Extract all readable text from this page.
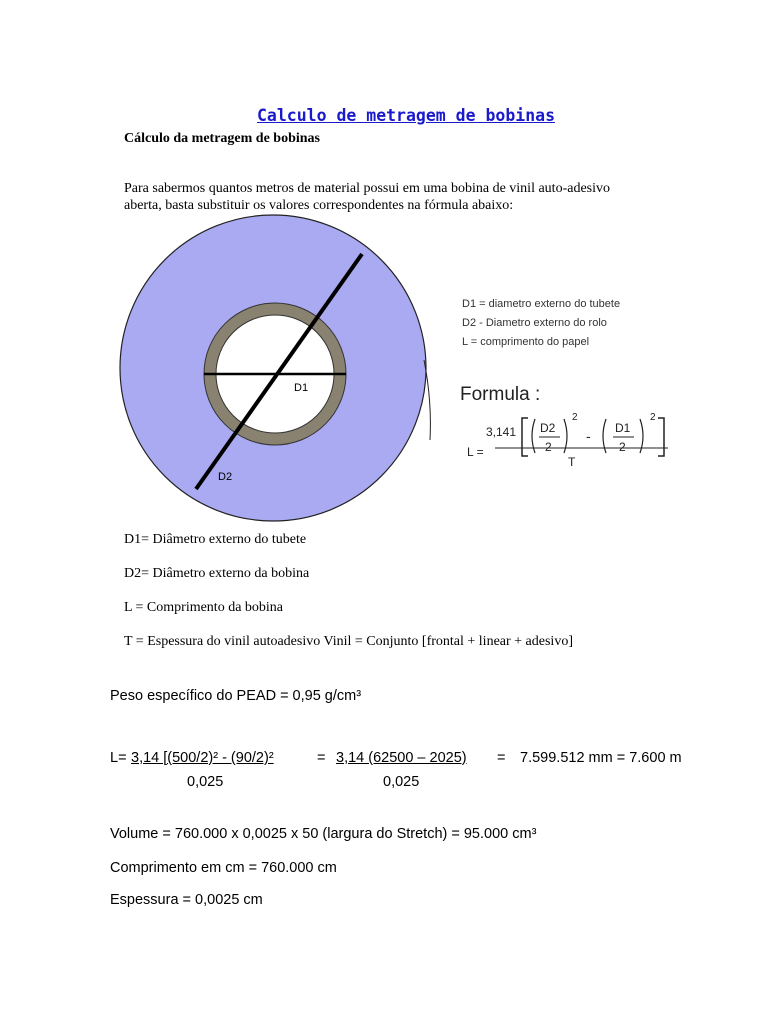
Calculo de metragem de bobinas
Cálculo da metragem de bobinas
Para sabermos quantos metros de material possui em uma bobina de vinil auto-adesivo
aberta, basta substituir os valores correspondentes na fórmula abaixo:
D1
D2
D1 = diametro externo do tubete
D2 - Diametro externo do rolo
L = comprimento do papel
Formula :
L =
3,141 D2
2
2
- D1
2
2
T
D1= Diâmetro externo do tubete
D2= Diâmetro externo da bobina
L = Comprimento da bobina
T = Espessura do vinil autoadesivo Vinil = Conjunto [frontal + linear + adesivo]
Peso específico do PEAD = 0,95 g/cm³
L= 3,14 [(500/2)² - (90/2)²	= 3,14 (62500 – 2025) = 7.599.512 mm = 7.600 m
0,025	0,025
Volume = 760.000 x 0,0025 x 50 (largura do Stretch) = 95.000 cm³
Comprimento em cm = 760.000 cm
Espessura = 0,0025 cm
